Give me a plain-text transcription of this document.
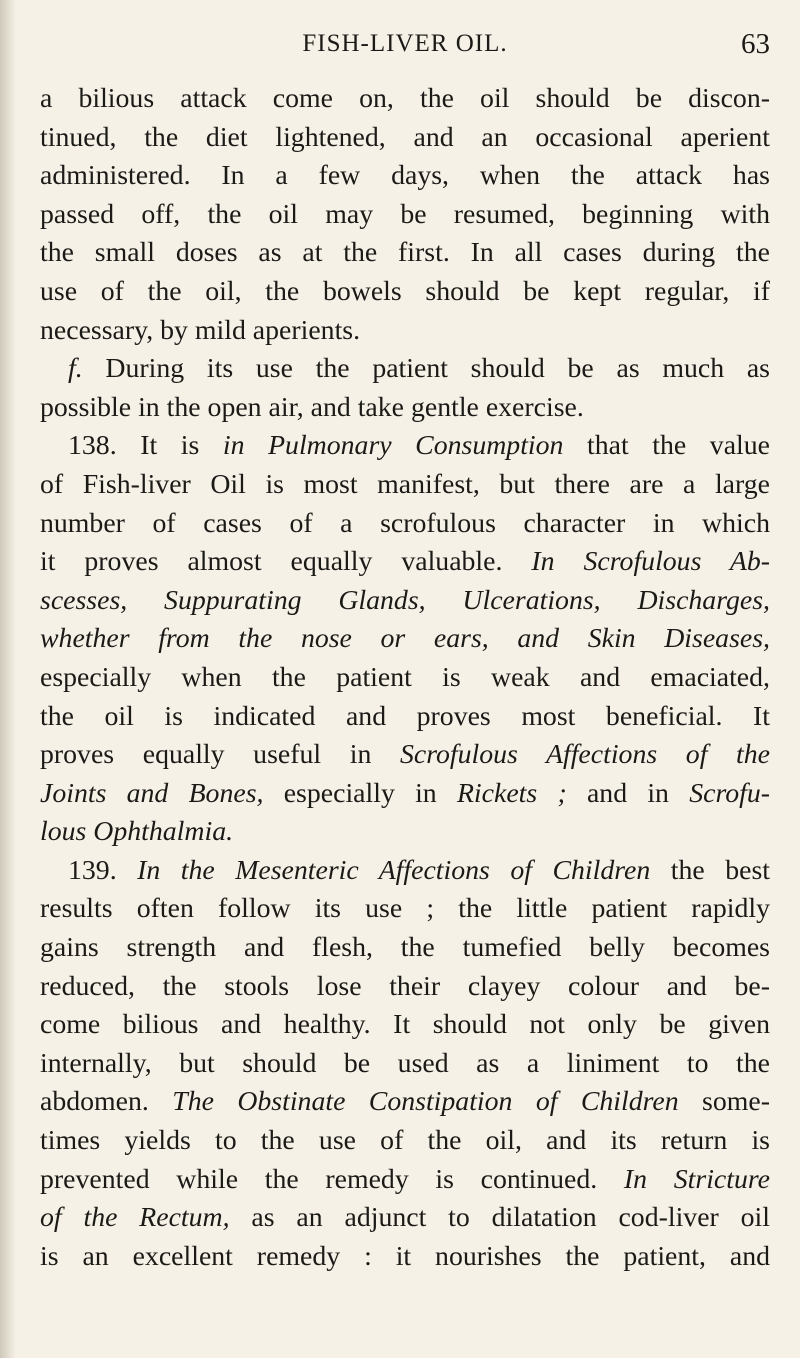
FISH-LIVER OIL.	63
a bilious attack come on, the oil should be discon-
tinued, the diet lightened, and an occasional aperient
administered. In a few days, when the attack has
passed off, the oil may be resumed, beginning with
the small doses as at the first. In all cases during the
use of the oil, the bowels should be kept regular, if
necessary, by mild aperients.
f. During its use the patient should be as much as
possible in the open air, and take gentle exercise.
138. It is in Pulmonary Consumption that the value
of Fish-liver Oil is most manifest, but there are a large
number of cases of a scrofulous character in which
it proves almost equally valuable. In Scrofulous Ab-
scesses, Suppurating Glands, Ulcerations, Discharges,
whether from the nose or ears, and Skin Diseases,
especially when the patient is weak and emaciated,
the oil is indicated and proves most beneficial. It
proves equally useful in Scrofulous Affections of the
Joints and Bones, especially in Rickets ; and in Scrofu-
lous Ophthalmia.
139. In the Mesenteric Affections of Children the best
results often follow its use ; the little patient rapidly
gains strength and flesh, the tumefied belly becomes
reduced, the stools lose their clayey colour and be-
come bilious and healthy. It should not only be given
internally, but should be used as a liniment to the
abdomen. The Obstinate Constipation of Children some-
times yields to the use of the oil, and its return is
prevented while the remedy is continued. In Stricture
of the Rectum, as an adjunct to dilatation cod-liver oil
is an excellent remedy : it nourishes the patient, and
